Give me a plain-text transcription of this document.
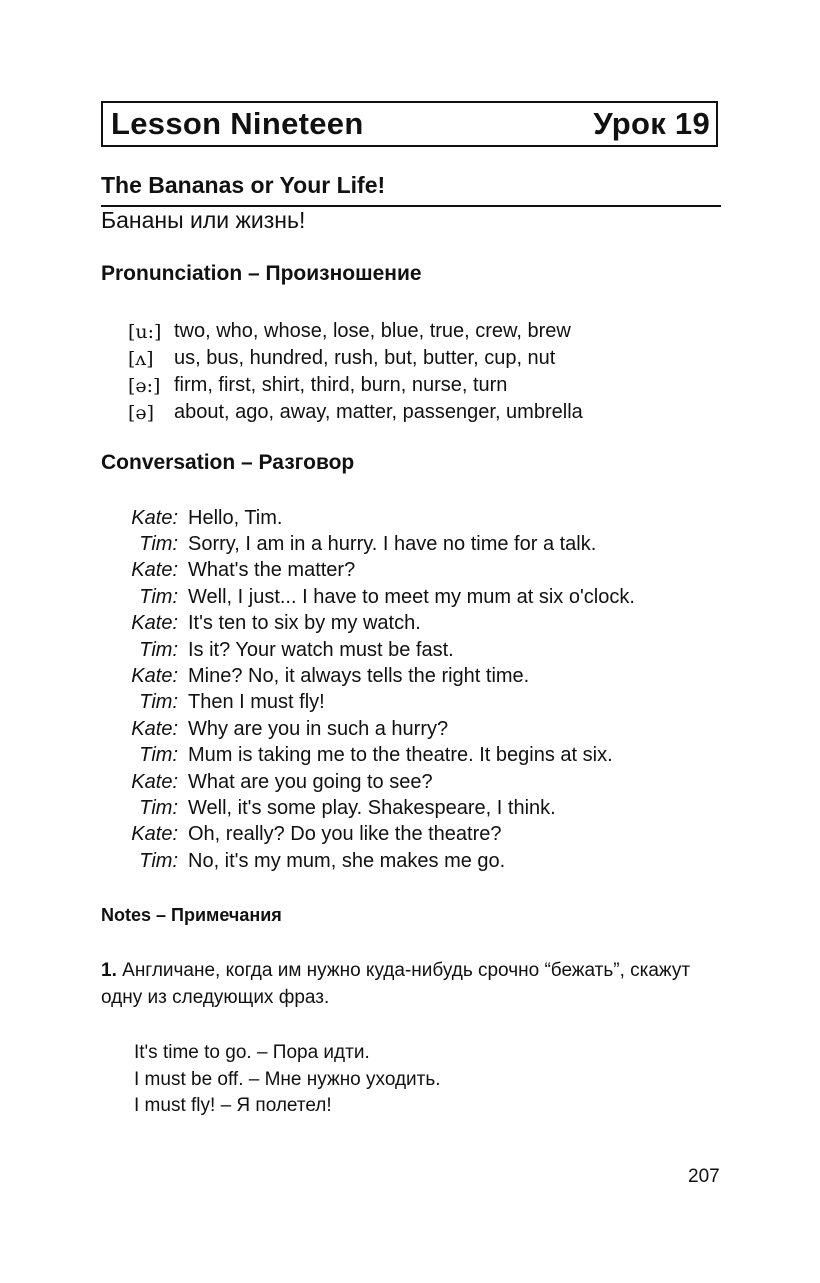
Lesson Nineteen	Урок 19
The Bananas or Your Life!
Бананы или жизнь!
Pronunciation – Произношение
[u:] two, who, whose, lose, blue, true, crew, brew
[ʌ]	us, bus, hundred, rush, but, butter, cup, nut
[ə:] firm, first, shirt, third, burn, nurse, turn
[ə] about, ago, away, matter, passenger, umbrella
Conversation – Разговор
Kate: Hello, Tim.
Tim: Sorry, I am in a hurry. I have no time for a talk.
Kate: What's the matter?
Tim: Well, I just... I have to meet my mum at six o'clock.
Kate: It's ten to six by my watch.
Tim: Is it? Your watch must be fast.
Kate: Mine? No, it always tells the right time.
Tim: Then I must fly!
Kate: Why are you in such a hurry?
Tim: Mum is taking me to the theatre. It begins at six.
Kate: What are you going to see?
Tim: Well, it's some play. Shakespeare, I think.
Kate: Oh, really? Do you like the theatre?
Tim: No, it's my mum, she makes me go.
Notes – Примечания
1. Англичане, когда им нужно куда-нибудь срочно “бежать”, скажут одну из следующих фраз.
It's time to go. – Пора идти.
I must be off. – Мне нужно уходить.
I must fly! – Я полетел!
207
